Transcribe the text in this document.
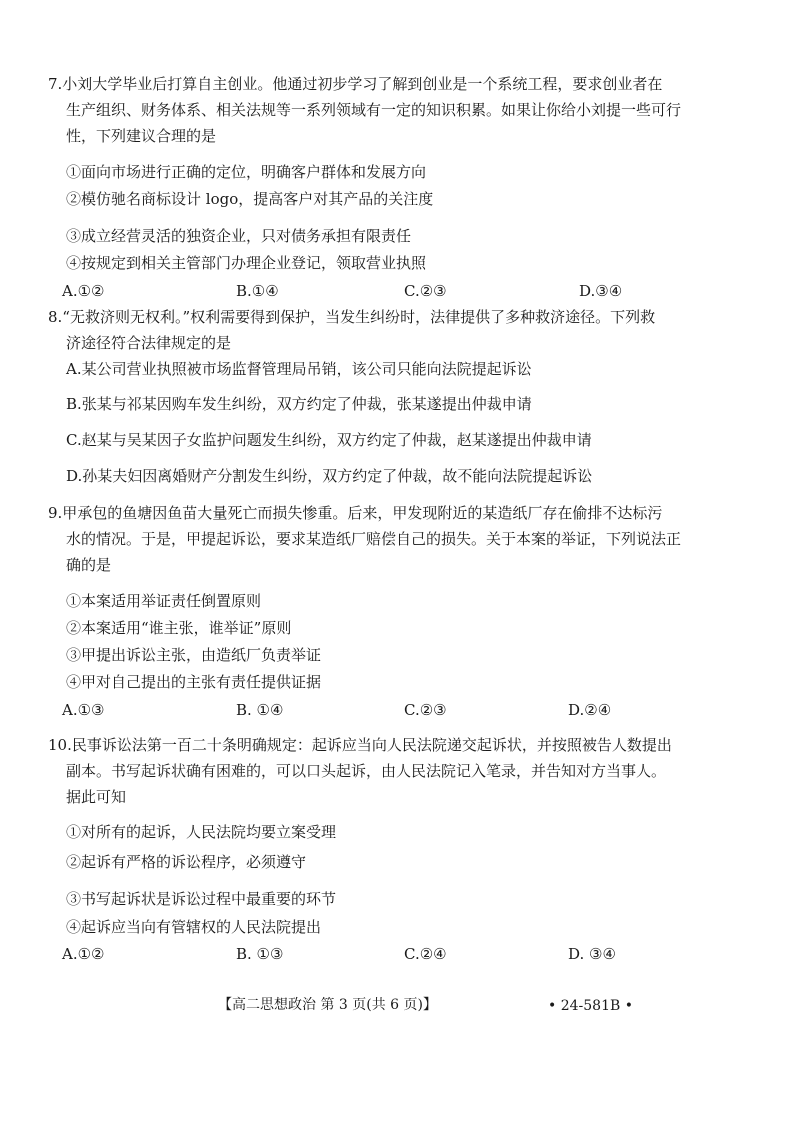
7.小刘大学毕业后打算自主创业。他通过初步学习了解到创业是一个系统工程，要求创业者在
生产组织、财务体系、相关法规等一系列领域有一定的知识积累。如果让你给小刘提一些可行
性，下列建议合理的是
①面向市场进行正确的定位，明确客户群体和发展方向
②模仿驰名商标设计 logo，提高客户对其产品的关注度
③成立经营灵活的独资企业，只对债务承担有限责任
④按规定到相关主管部门办理企业登记，领取营业执照
A.①②	B.①④	C.②③	D.③④
8.“无救济则无权利。”权利需要得到保护，当发生纠纷时，法律提供了多种救济途径。下列救
济途径符合法律规定的是
A.某公司营业执照被市场监督管理局吊销，该公司只能向法院提起诉讼
B.张某与祁某因购车发生纠纷，双方约定了仲裁，张某遂提出仲裁申请
C.赵某与吴某因子女监护问题发生纠纷，双方约定了仲裁，赵某遂提出仲裁申请
D.孙某夫妇因离婚财产分割发生纠纷，双方约定了仲裁，故不能向法院提起诉讼
9.甲承包的鱼塘因鱼苗大量死亡而损失惨重。后来，甲发现附近的某造纸厂存在偷排不达标污
水的情况。于是，甲提起诉讼，要求某造纸厂赔偿自己的损失。关于本案的举证，下列说法正
确的是
①本案适用举证责任倒置原则
②本案适用“谁主张，谁举证”原则
③甲提出诉讼主张，由造纸厂负责举证
④甲对自己提出的主张有责任提供证据
A.①③	B. ①④	C.②③	D.②④
10.民事诉讼法第一百二十条明确规定：起诉应当向人民法院递交起诉状，并按照被告人数提出
副本。书写起诉状确有困难的，可以口头起诉，由人民法院记入笔录，并告知对方当事人。
据此可知
①对所有的起诉，人民法院均要立案受理
②起诉有严格的诉讼程序，必须遵守
③书写起诉状是诉讼过程中最重要的环节
④起诉应当向有管辖权的人民法院提出
A.①②	B. ①③	C.②④	D. ③④
【高二思想政治 第 3 页(共 6 页)】	• 24-581B •
